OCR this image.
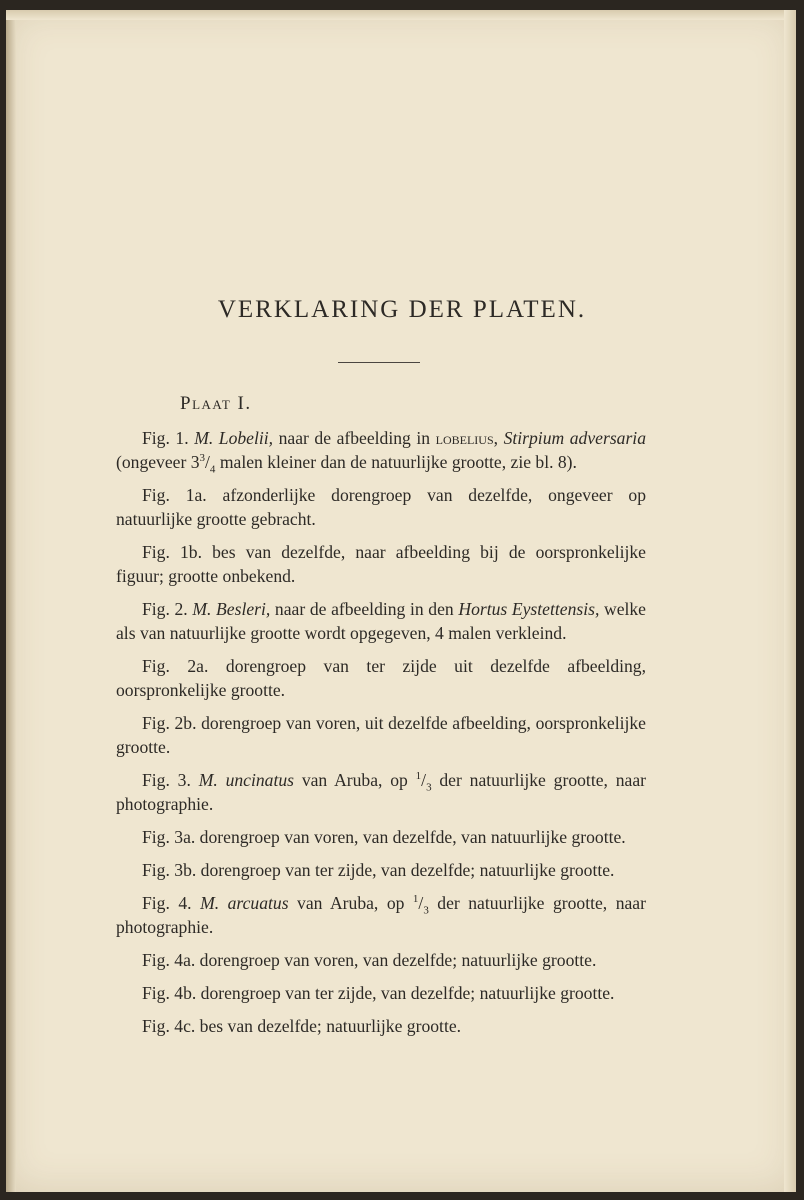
VERKLARING DER PLATEN.
Plaat I.

Fig. 1. M. Lobelii, naar de afbeelding in lobelius, Stirpium adversaria (ongeveer $3^3/_4$ malen kleiner dan de natuurlijke grootte, zie bl. 8).

Fig. 1a. afzonderlijke dorengroep van dezelfde, ongeveer op natuurlijke grootte gebracht.

Fig. 1b. bes van dezelfde, naar afbeelding bij de oorspronkelijke figuur; grootte onbekend.

Fig. 2. M. Besleri, naar de afbeelding in den Hortus Eystettensis, welke als van natuurlijke grootte wordt opgegeven, 4 malen verkleind.

Fig. 2a. dorengroep van ter zijde uit dezelfde afbeelding, oorspronkelijke grootte.

Fig. 2b. dorengroep van voren, uit dezelfde afbeelding, oorspronkelijke grootte.

Fig. 3. M. uncinatus van Aruba, op $^1/_3$ der natuurlijke grootte, naar photographie.

Fig. 3a. dorengroep van voren, van dezelfde, van natuurlijke grootte.

Fig. 3b. dorengroep van ter zijde, van dezelfde; natuurlijke grootte.

Fig. 4. M. arcuatus van Aruba, op $^1/_3$ der natuurlijke grootte, naar photographie.

Fig. 4a. dorengroep van voren, van dezelfde; natuurlijke grootte.

Fig. 4b. dorengroep van ter zijde, van dezelfde; natuurlijke grootte.

Fig. 4c. bes van dezelfde; natuurlijke grootte.
